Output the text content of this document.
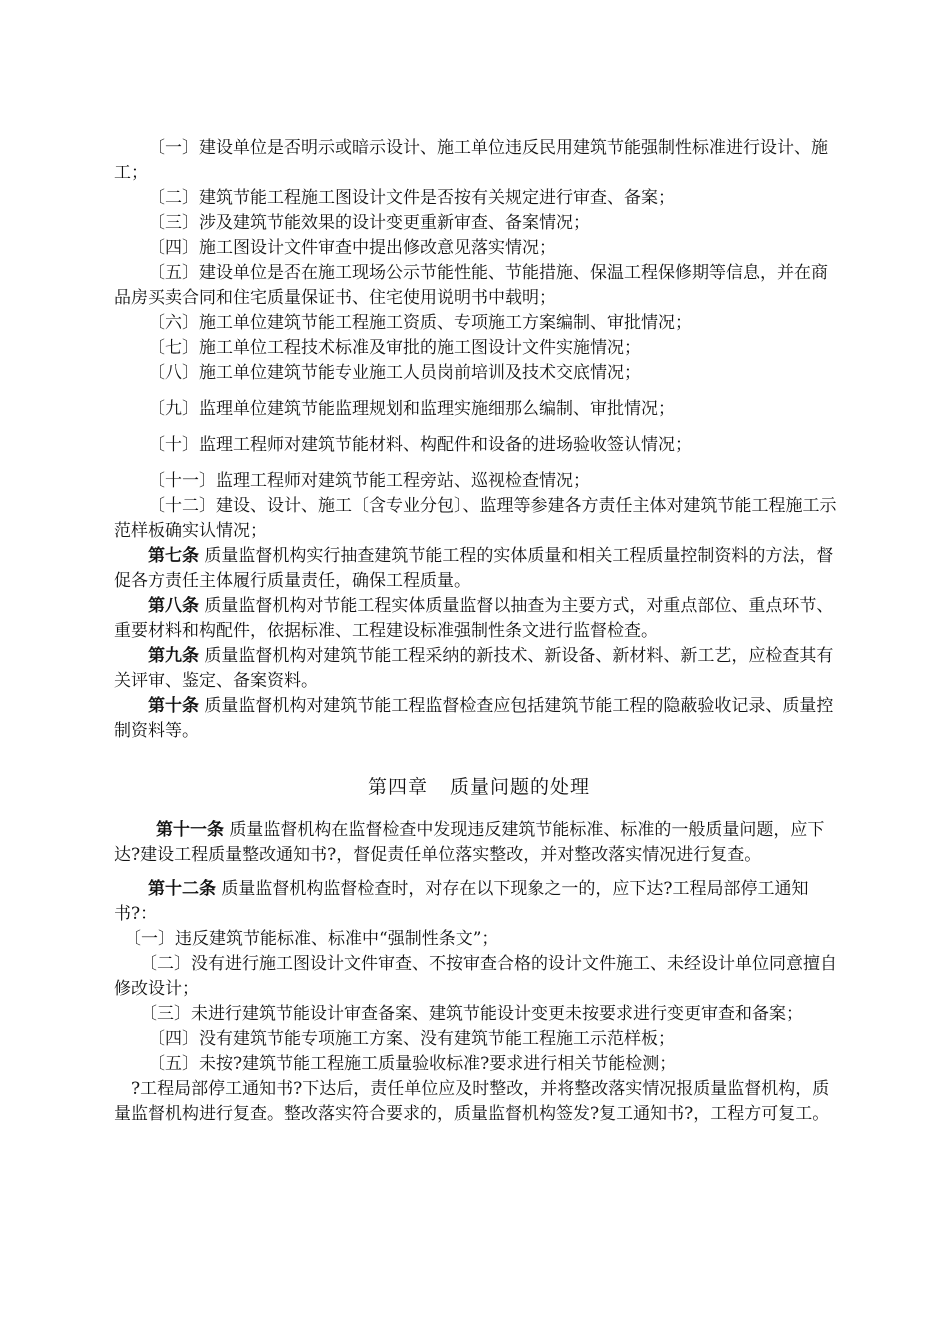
〔一〕建设单位是否明示或暗示设计、施工单位违反民用建筑节能强制性标准进行设计、施工；

〔二〕建筑节能工程施工图设计文件是否按有关规定进行审查、备案；

〔三〕涉及建筑节能效果的设计变更重新审查、备案情况；

〔四〕施工图设计文件审查中提出修改意见落实情况；

〔五〕建设单位是否在施工现场公示节能性能、节能措施、保温工程保修期等信息，并在商品房买卖合同和住宅质量保证书、住宅使用说明书中载明；

〔六〕施工单位建筑节能工程施工资质、专项施工方案编制、审批情况；

〔七〕施工单位工程技术标准及审批的施工图设计文件实施情况；

〔八〕施工单位建筑节能专业施工人员岗前培训及技术交底情况；

〔九〕监理单位建筑节能监理规划和监理实施细那么编制、审批情况；

〔十〕监理工程师对建筑节能材料、构配件和设备的进场验收签认情况；

〔十一〕监理工程师对建筑节能工程旁站、巡视检查情况；

〔十二〕建设、设计、施工〔含专业分包〕、监理等参建各方责任主体对建筑节能工程施工示范样板确实认情况；

第七条 质量监督机构实行抽查建筑节能工程的实体质量和相关工程质量控制资料的方法，督促各方责任主体履行质量责任，确保工程质量。

第八条 质量监督机构对节能工程实体质量监督以抽查为主要方式，对重点部位、重点环节、重要材料和构配件，依据标准、工程建设标准强制性条文进行监督检查。

第九条 质量监督机构对建筑节能工程采纳的新技术、新设备、新材料、新工艺，应检查其有关评审、鉴定、备案资料。

第十条 质量监督机构对建筑节能工程监督检查应包括建筑节能工程的隐蔽验收记录、质量控制资料等。

第四章 质量问题的处理

第十一条 质量监督机构在监督检查中发现违反建筑节能标准、标准的一般质量问题，应下达?建设工程质量整改通知书?，督促责任单位落实整改，并对整改落实情况进行复查。

第十二条 质量监督机构监督检查时，对存在以下现象之一的，应下达?工程局部停工通知书?：

〔一〕违反建筑节能标准、标准中“强制性条文”；

〔二〕没有进行施工图设计文件审查、不按审查合格的设计文件施工、未经设计单位同意擅自修改设计；

〔三〕未进行建筑节能设计审查备案、建筑节能设计变更未按要求进行变更审查和备案；

〔四〕没有建筑节能专项施工方案、没有建筑节能工程施工示范样板；

〔五〕未按?建筑节能工程施工质量验收标准?要求进行相关节能检测；

?工程局部停工通知书?下达后，责任单位应及时整改，并将整改落实情况报质量监督机构，质量监督机构进行复查。整改落实符合要求的，质量监督机构签发?复工通知书?，工程方可复工。
